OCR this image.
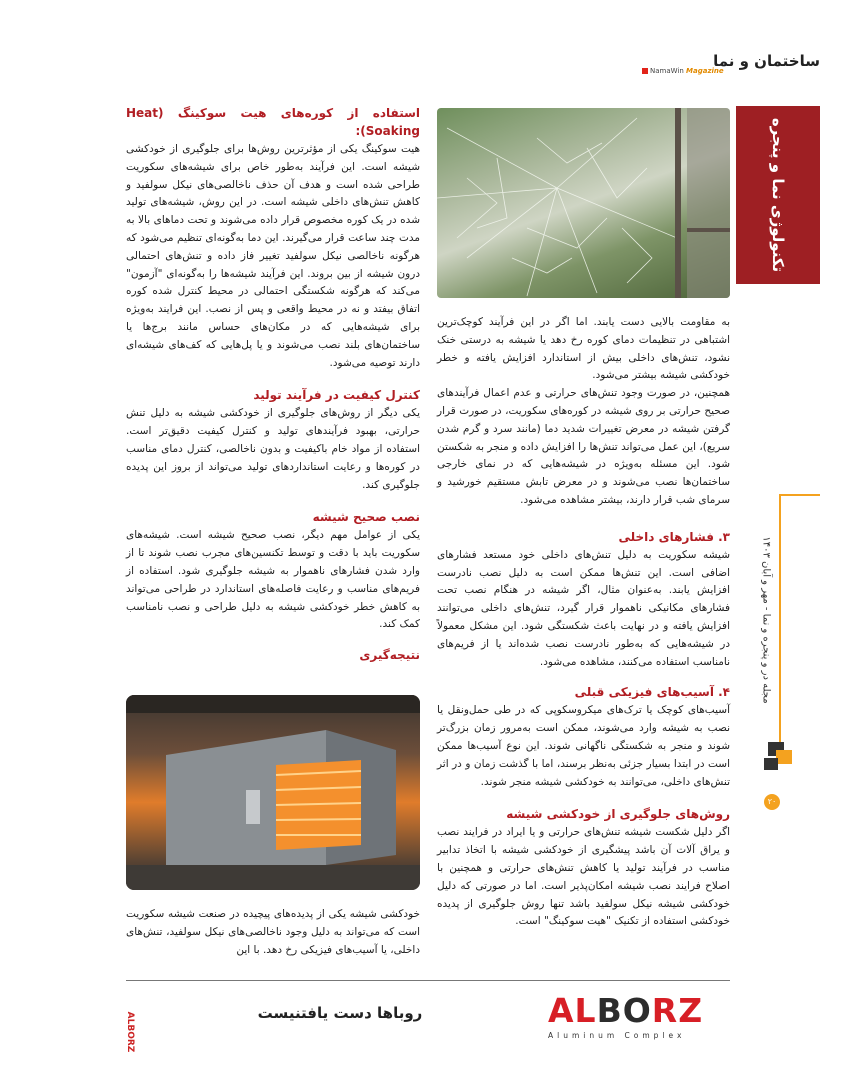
ساختمان و نما
NamaWin Magazine
تکنولوژی نما و پنجره
مجله در و پنجره و نما - مهر و آبان ۱۴۰۳
۲۰

به مقاومت بالایی دست یابند. اما اگر در این فرآیند کوچک‌ترین اشتباهی در تنظیمات دمای کوره رخ دهد یا شیشه به درستی خنک نشود، تنش‌های داخلی بیش از استاندارد افزایش یافته و خطر خودکشی شیشه بیشتر می‌شود.

همچنین، در صورت وجود تنش‌های حرارتی و عدم اعمال فرآیندهای صحیح حرارتی بر روی شیشه در کوره‌های سکوریت، در صورت قرار گرفتن شیشه در معرض تغییرات شدید دما (مانند سرد و گرم شدن سریع)، این عمل می‌تواند تنش‌ها را افزایش داده و منجر به شکستن شود. این مسئله به‌ویژه در شیشه‌هایی که در نمای خارجی ساختمان‌ها نصب می‌شوند و در معرض تابش مستقیم خورشید و سرمای شب قرار دارند، بیشتر مشاهده می‌شود.

۳. فشارهای داخلی

شیشه سکوریت به دلیل تنش‌های داخلی خود مستعد فشارهای اضافی است. این تنش‌ها ممکن است به دلیل نصب نادرست افزایش یابند. به‌عنوان مثال، اگر شیشه در هنگام نصب تحت فشارهای مکانیکی ناهموار قرار گیرد، تنش‌های داخلی می‌توانند افزایش یافته و در نهایت باعث شکستگی شود. این مشکل معمولاً در شیشه‌هایی که به‌طور نادرست نصب شده‌اند یا از فریم‌های نامناسب استفاده می‌کنند، مشاهده می‌شود.

۴. آسیب‌های فیزیکی قبلی

آسیب‌های کوچک یا ترک‌های میکروسکوپی که در طی حمل‌ونقل یا نصب به شیشه وارد می‌شوند، ممکن است به‌مرور زمان بزرگ‌تر شوند و منجر به شکستگی ناگهانی شوند. این نوع آسیب‌ها ممکن است در ابتدا بسیار جزئی به‌نظر برسند، اما با گذشت زمان و در اثر تنش‌های داخلی، می‌توانند به خودکشی شیشه منجر شوند.

روش‌های جلوگیری از خودکشی شیشه

اگر دلیل شکست شیشه تنش‌های حرارتی و یا ایراد در فرایند نصب و یراق آلات آن باشد پیشگیری از خودکشی شیشه با اتخاذ تدابیر مناسب در فرآیند تولید یا کاهش تنش‌های حرارتی و همچنین با اصلاح فرایند نصب شیشه امکان‌پذیر است. اما در صورتی که دلیل خودکشی شیشه نیکل سولفید باشد تنها روش جلوگیری از پدیده خودکشی استفاده از تکنیک "هیت سوکینگ" است.

استفاده از کوره‌های هیت سوکینگ (Heat Soaking):

هیت سوکینگ یکی از مؤثرترین روش‌ها برای جلوگیری از خودکشی شیشه است. این فرآیند به‌طور خاص برای شیشه‌های سکوریت طراحی شده است و هدف آن حذف ناخالصی‌های نیکل سولفید و کاهش تنش‌های داخلی شیشه است. در این روش، شیشه‌های تولید شده در یک کوره مخصوص قرار داده می‌شوند و تحت دماهای بالا به مدت چند ساعت قرار می‌گیرند. این دما به‌گونه‌ای تنظیم می‌شود که هرگونه ناخالصی نیکل سولفید تغییر فاز داده و تنش‌های احتمالی درون شیشه از بین بروند. این فرآیند شیشه‌ها را به‌گونه‌ای "آزمون" می‌کند که هرگونه شکستگی احتمالی در محیط کنترل شده کوره اتفاق بیفتد و نه در محیط واقعی و پس از نصب. این فرایند به‌ویژه برای شیشه‌هایی که در مکان‌های حساس مانند برج‌ها یا ساختمان‌های بلند نصب می‌شوند و یا پل‌هایی که کف‌های شیشه‌ای دارند توصیه می‌شود.

کنترل کیفیت در فرآیند تولید

یکی دیگر از روش‌های جلوگیری از خودکشی شیشه به دلیل تنش حرارتی، بهبود فرآیندهای تولید و کنترل کیفیت دقیق‌تر است. استفاده از مواد خام باکیفیت و بدون ناخالصی، کنترل دمای مناسب در کوره‌ها و رعایت استانداردهای تولید می‌تواند از بروز این پدیده جلوگیری کند.

نصب صحیح شیشه

یکی از عوامل مهم دیگر، نصب صحیح شیشه است. شیشه‌های سکوریت باید با دقت و توسط تکنسین‌های مجرب نصب شوند تا از وارد شدن فشارهای ناهموار به شیشه جلوگیری شود. استفاده از فریم‌های مناسب و رعایت فاصله‌های استاندارد در طراحی می‌تواند به کاهش خطر خودکشی شیشه به دلیل طراحی و نصب نامناسب کمک کند.

نتیجه‌گیری

خودکشی شیشه یکی از پدیده‌های پیچیده در صنعت شیشه سکوریت است که می‌تواند به دلیل وجود ناخالصی‌های نیکل سولفید، تنش‌های داخلی، یا آسیب‌های فیزیکی رخ دهد. با این

ALBORZ	روباها دست یافتنیست	ALBORZ
Aluminum Complex
